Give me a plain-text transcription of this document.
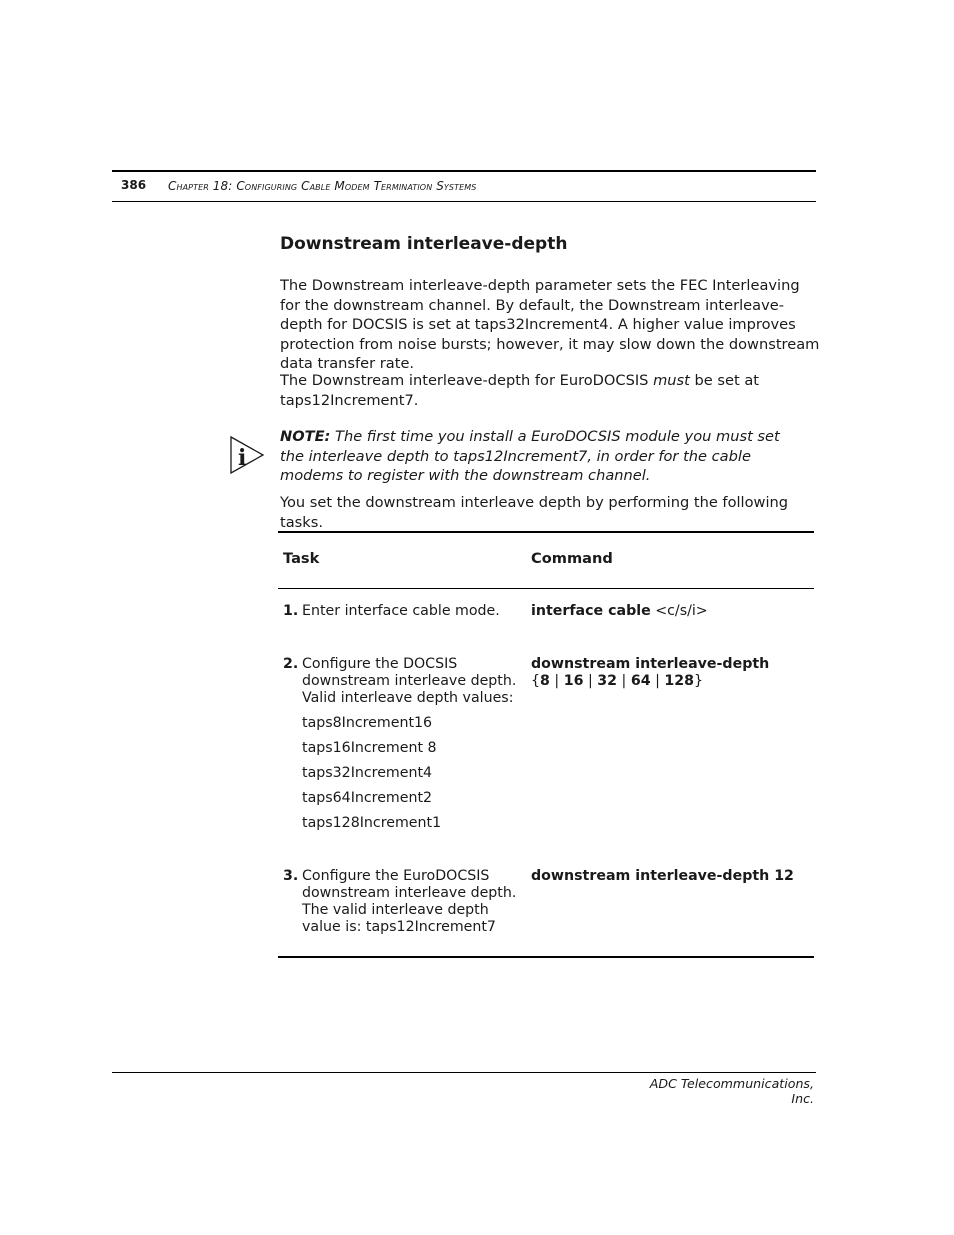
386 Chapter 18: Configuring Cable Modem Termination Systems
Downstream interleave-depth
The Downstream interleave-depth parameter sets the FEC Interleaving for the downstream channel. By default, the Downstream interleave-depth for DOCSIS is set at taps32Increment4. A higher value improves protection from noise bursts; however, it may slow down the downstream data transfer rate.
The Downstream interleave-depth for EuroDOCSIS must be set at taps12Increment7.
i
NOTE: The first time you install a EuroDOCSIS module you must set the interleave depth to taps12Increment7, in order for the cable modems to register with the downstream channel.
You set the downstream interleave depth by performing the following tasks.
Task	Command
1. Enter interface cable mode.	interface cable <c/s/i>
2. Configure the DOCSIS downstream interleave depth. Valid interleave depth values:
taps8Increment16
taps16Increment 8
taps32Increment4
taps64Increment2
taps128Increment1
downstream interleave-depth
{8 | 16 | 32 | 64 | 128}
3. Configure the EuroDOCSIS downstream interleave depth. The valid interleave depth value is: taps12Increment7
downstream interleave-depth 12
ADC Telecommunications, Inc.
